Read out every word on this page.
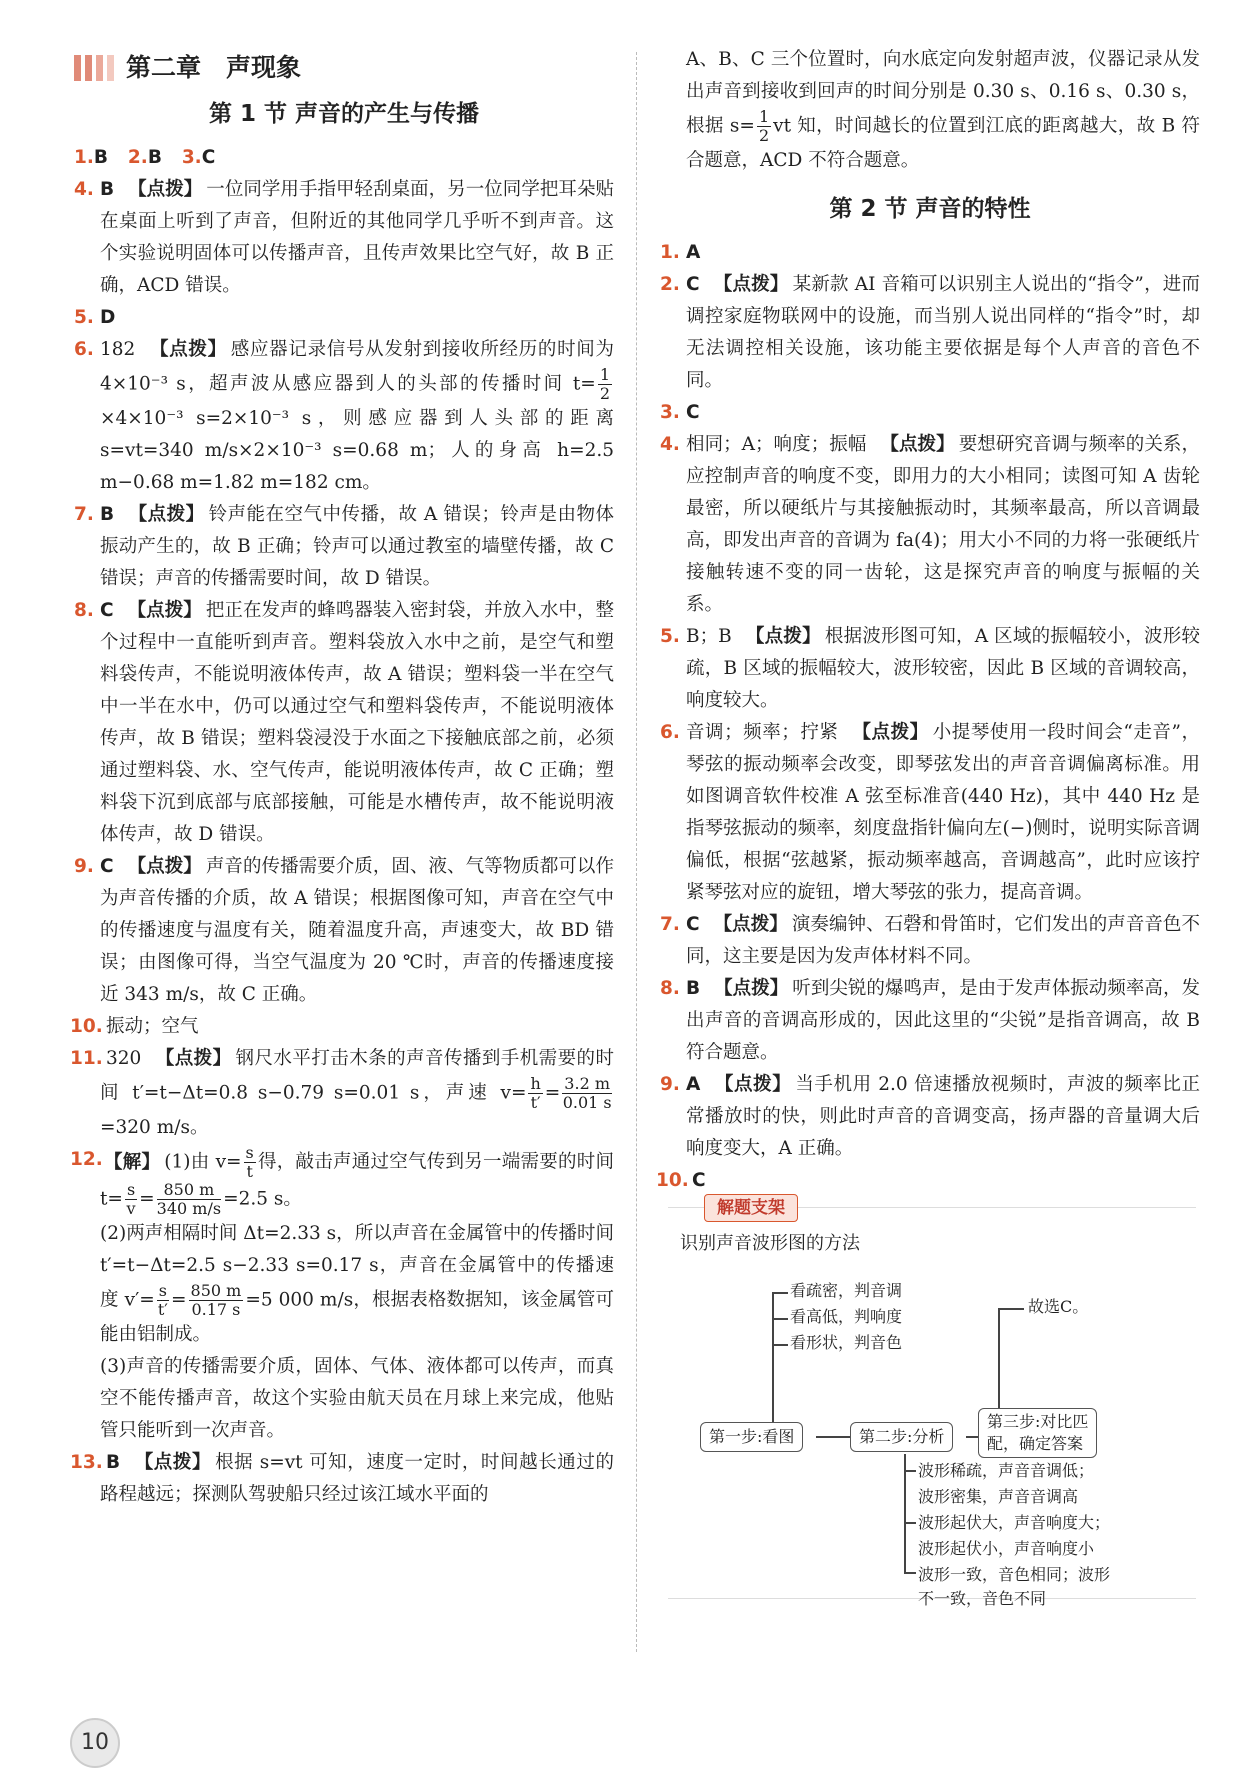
第二章　声现象
第 1 节 声音的产生与传播

1.B 2.B 3.C

4. B 【点拨】 一位同学用手指甲轻刮桌面，另一位同学把耳朵贴在桌面上听到了声音，但附近的其他同学几乎听不到声音。这个实验说明固体可以传播声音，且传声效果比空气好，故 B 正确，ACD 错误。

5. D

6. 182 【点拨】 感应器记录信号从发射到接收所经历的时间为 4×10⁻³ s，超声波从感应器到人的头部的传播时间 $t= \frac{1}{2}$
×4×10⁻³ s=2×10⁻³ s，则感应器到人头部的距离 s=vt=340 m/s×2×10⁻³ s=0.68 m；人的身高 h=2.5 m−0.68 m=1.82 m=182 cm。

7. B 【点拨】 铃声能在空气中传播，故 A 错误；铃声是由物体振动产生的，故 B 正确；铃声可以通过教室的墙壁传播，故 C 错误；声音的传播需要时间，故 D 错误。

8. C 【点拨】 把正在发声的蜂鸣器装入密封袋，并放入水中，整个过程中一直能听到声音。塑料袋放入水中之前，是空气和塑料袋传声，不能说明液体传声，故 A 错误；塑料袋一半在空气中一半在水中，仍可以通过空气和塑料袋传声，不能说明液体传声，故 B 错误；塑料袋浸没于水面之下接触底部之前，必须通过塑料袋、水、空气传声，能说明液体传声，故 C 正确；塑料袋下沉到底部与底部接触，可能是水槽传声，故不能说明液体传声，故 D 错误。

9. C 【点拨】 声音的传播需要介质，固、液、气等物质都可以作为声音传播的介质，故 A 错误；根据图像可知，声音在空气中的传播速度与温度有关，随着温度升高，声速变大，故 BD 错误；由图像可得，当空气温度为 20 ℃时，声音的传播速度接近 343 m/s，故 C 正确。

10. 振动；空气

11. 320 【点拨】 钢尺水平打击木条的声音传播到手机需要的时间 t′=t−Δt=0.8 s−0.79 s=0.01 s，声速 $v= \frac{h}{t'} = \frac{3.2 m}{0.01 s}$
=320 m/s。

12. 【解】 (1)由 $v= \frac{s}{t}$ 得，敲击声通过空气传到另一端需要的时间 $t= \frac{s}{v} = \frac{850 m}{340 m/s} =2.5$ s。

(2)两声相隔时间 Δt=2.33 s，所以声音在金属管中的传播时间 t′=t−Δt=2.5 s−2.33 s=0.17 s，声音在金属管中的传播速度 $v'= \frac{s}{t'} = \frac{850 m}{0.17 s} =5$ 000 m/s，根据表格数据知，该金属管可能由铝制成。

(3)声音的传播需要介质，固体、气体、液体都可以传声，而真空不能传播声音，故这个实验由航天员在月球上来完成，他贴管只能听到一次声音。

13. B 【点拨】 根据 s=vt 可知，速度一定时，时间越长通过的路程越远；探测队驾驶船只经过该江域水平面的

A、B、C 三个位置时，向水底定向发射超声波，仪器记录从发出声音到接收到回声的时间分别是 0.30 s、0.16 s、0.30 s，根据 $s= \frac{1}{2}$ vt 知，时间越长的位置到江底的距离越大，故 B 符合题意，ACD 不符合题意。

第 2 节 声音的特性

1. A

2. C 【点拨】 某新款 AI 音箱可以识别主人说出的“指令”，进而调控家庭物联网中的设施，而当别人说出同样的“指令”时，却无法调控相关设施，该功能主要依据是每个人声音的音色不同。

3. C

4. 相同；A；响度；振幅 【点拨】 要想研究音调与频率的关系，应控制声音的响度不变，即用力的大小相同；读图可知 A 齿轮最密，所以硬纸片与其接触振动时，其频率最高，所以音调最高，即发出声音的音调为 fa(4)；用大小不同的力将一张硬纸片接触转速不变的同一齿轮，这是探究声音的响度与振幅的关系。

5. B；B 【点拨】 根据波形图可知，A 区域的振幅较小，波形较疏，B 区域的振幅较大，波形较密，因此 B 区域的音调较高，响度较大。

6. 音调；频率；拧紧 【点拨】 小提琴使用一段时间会“走音”，琴弦的振动频率会改变，即琴弦发出的声音音调偏离标准。用如图调音软件校准 A 弦至标准音(440 Hz)，其中 440 Hz 是指琴弦振动的频率，刻度盘指针偏向左(−)侧时，说明实际音调偏低，根据“弦越紧，振动频率越高，音调越高”，此时应该拧紧琴弦对应的旋钮，增大琴弦的张力，提高音调。

7. C 【点拨】 演奏编钟、石磬和骨笛时，它们发出的声音音色不同，这主要是因为发声体材料不同。

8. B 【点拨】 听到尖锐的爆鸣声，是由于发声体振动频率高，发出声音的音调高形成的，因此这里的“尖锐”是指音调高，故 B 符合题意。

9. A 【点拨】 当手机用 2.0 倍速播放视频时，声波的频率比正常播放时的快，则此时声音的音调变高，扬声器的音量调大后响度变大，A 正确。

10. C

解题支架
识别声音波形图的方法
看疏密，判音调
看高低，判响度
看形状，判音色
第一步:看图	第二步:分析
第三步:对比匹
配，确定答案
故选C。
波形稀疏，声音音调低；
波形密集，声音音调高
波形起伏大，声音响度大；
波形起伏小，声音响度小
波形一致，音色相同；波形
不一致，音色不同
10
